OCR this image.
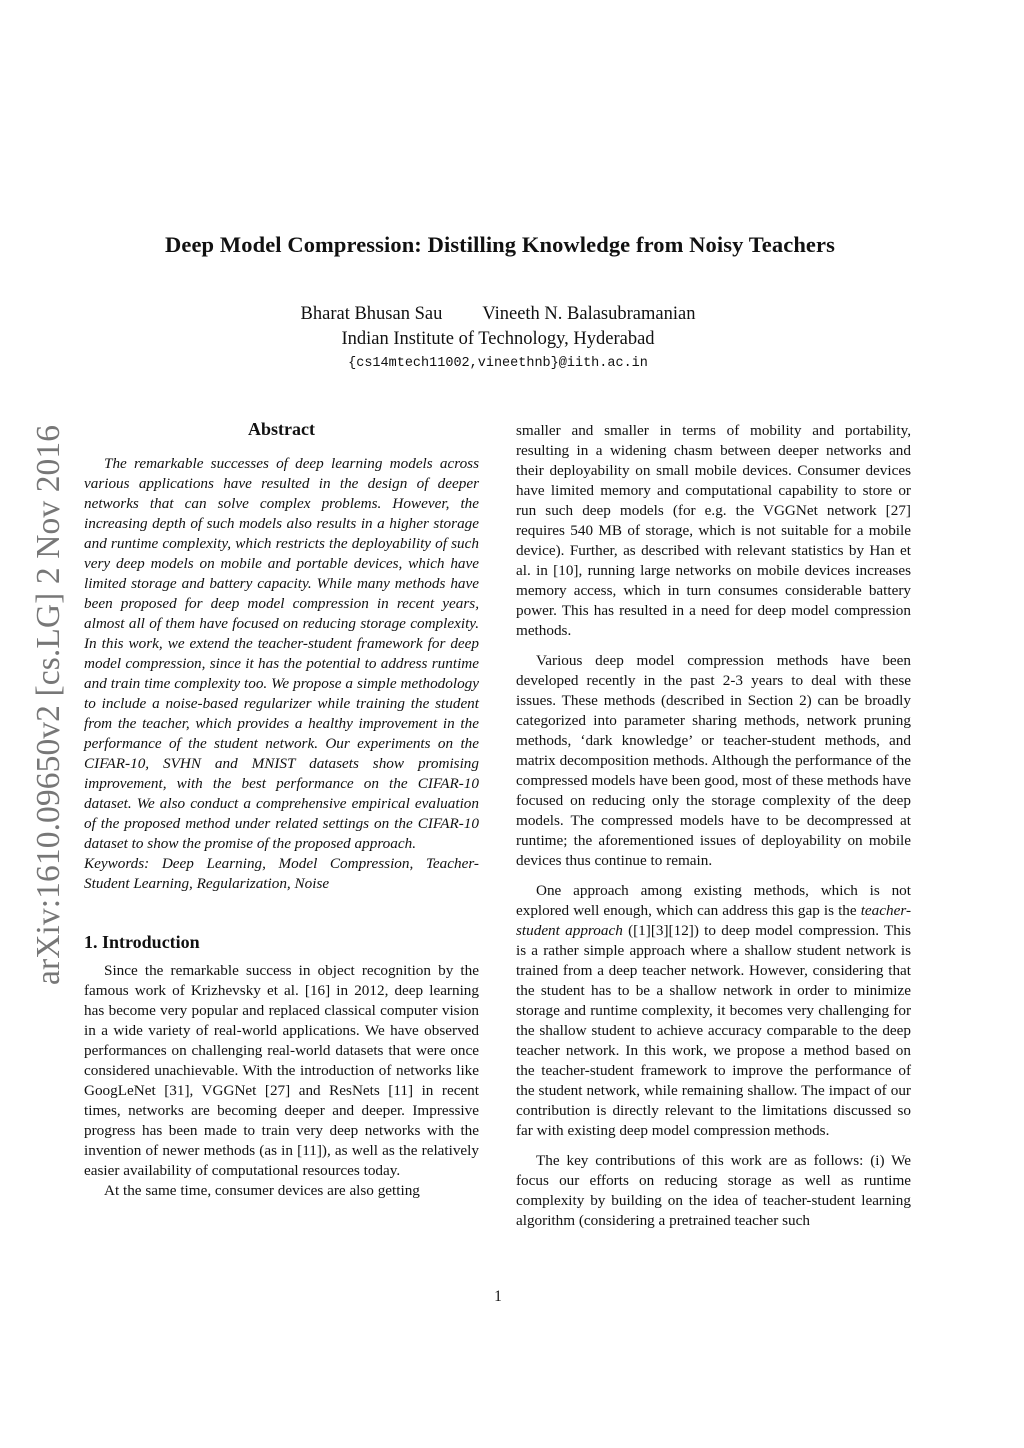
Deep Model Compression: Distilling Knowledge from Noisy Teachers
Bharat Bhusan Sau Vineeth N. Balasubramanian
Indian Institute of Technology, Hyderabad
{cs14mtech11002,vineethnb}@iith.ac.in
arXiv:1610.09650v2 [cs.LG] 2 Nov 2016	Abstract

The remarkable successes of deep learning models across various applications have resulted in the design of deeper networks that can solve complex problems. However, the increasing depth of such models also results in a higher storage and runtime complexity, which restricts the deployability of such very deep models on mobile and portable devices, which have limited storage and battery capacity. While many methods have been proposed for deep model compression in recent years, almost all of them have focused on reducing storage complexity. In this work, we extend the teacher-student framework for deep model compression, since it has the potential to address runtime and train time complexity too. We propose a simple methodology to include a noise-based regularizer while training the student from the teacher, which provides a healthy improvement in the performance of the student network. Our experiments on the CIFAR-10, SVHN and MNIST datasets show promising improvement, with the best performance on the CIFAR-10 dataset. We also conduct a comprehensive empirical evaluation of the proposed method under related settings on the CIFAR-10 dataset to show the promise of the proposed approach.

Keywords: Deep Learning, Model Compression, Teacher-Student Learning, Regularization, Noise

1. Introduction

Since the remarkable success in object recognition by the famous work of Krizhevsky et al. [16] in 2012, deep learning has become very popular and replaced classical computer vision in a wide variety of real-world applications. We have observed performances on challenging real-world datasets that were once considered unachievable. With the introduction of networks like GoogLeNet [31], VGGNet [27] and ResNets [11] in recent times, networks are becoming deeper and deeper. Impressive progress has been made to train very deep networks with the invention of newer methods (as in [11]), as well as the relatively easier availability of computational resources today.

At the same time, consumer devices are also getting

smaller and smaller in terms of mobility and portability, resulting in a widening chasm between deeper networks and their deployability on small mobile devices. Consumer devices have limited memory and computational capability to store or run such deep models (for e.g. the VGGNet network [27] requires 540 MB of storage, which is not suitable for a mobile device). Further, as described with relevant statistics by Han et al. in [10], running large networks on mobile devices increases memory access, which in turn consumes considerable battery power. This has resulted in a need for deep model compression methods.

Various deep model compression methods have been developed recently in the past 2-3 years to deal with these issues. These methods (described in Section 2) can be broadly categorized into parameter sharing methods, network pruning methods, ‘dark knowledge’ or teacher-student methods, and matrix decomposition methods. Although the performance of the compressed models have been good, most of these methods have focused on reducing only the storage complexity of the deep models. The compressed models have to be decompressed at runtime; the aforementioned issues of deployability on mobile devices thus continue to remain.

One approach among existing methods, which is not explored well enough, which can address this gap is the teacher-student approach ([1][3][12]) to deep model compression. This is a rather simple approach where a shallow student network is trained from a deep teacher network. However, considering that the student has to be a shallow network in order to minimize storage and runtime complexity, it becomes very challenging for the shallow student to achieve accuracy comparable to the deep teacher network. In this work, we propose a method based on the teacher-student framework to improve the performance of the student network, while remaining shallow. The impact of our contribution is directly relevant to the limitations discussed so far with existing deep model compression methods.

The key contributions of this work are as follows: (i) We focus our efforts on reducing storage as well as runtime complexity by building on the idea of teacher-student learning algorithm (considering a pretrained teacher such

1
